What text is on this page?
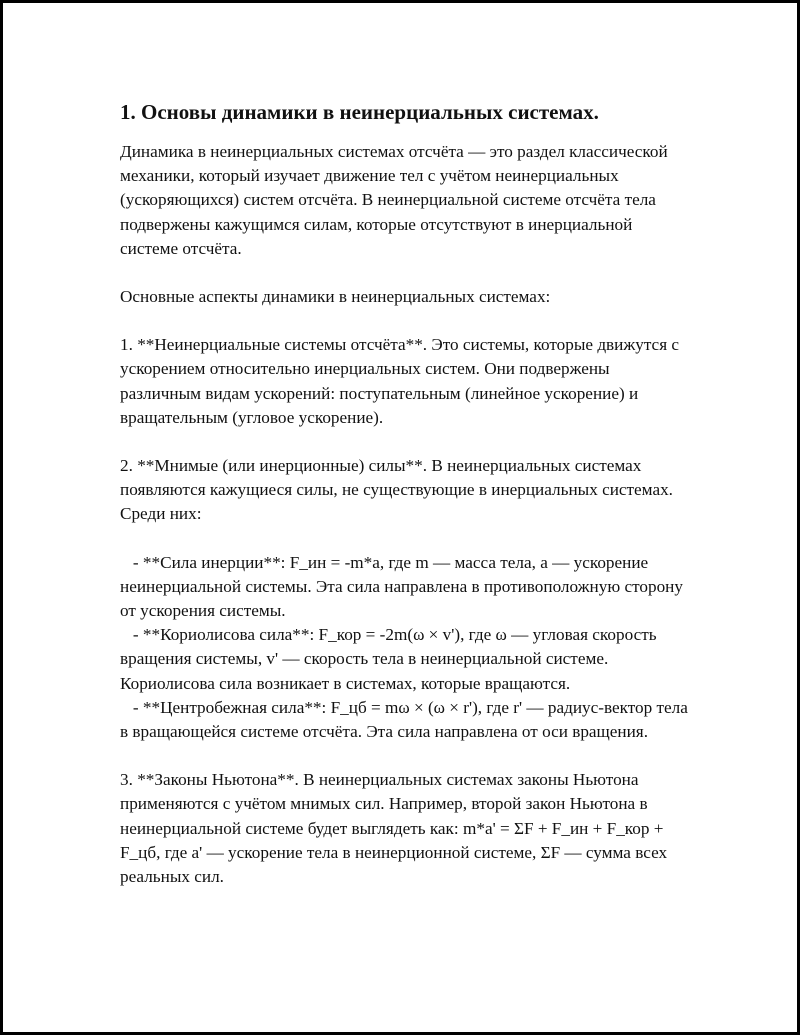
1. Основы динамики в неинерциальных системах.

Динамика в неинерциальных системах отсчёта — это раздел классической механики, который изучает движение тел с учётом неинерциальных (ускоряющихся) систем отсчёта. В неинерциальной системе отсчёта тела подвержены кажущимся силам, которые отсутствуют в инерциальной системе отсчёта.

Основные аспекты динамики в неинерциальных системах:

1. **Неинерциальные системы отсчёта**. Это системы, которые движутся с ускорением относительно инерциальных систем. Они подвержены различным видам ускорений: поступательным (линейное ускорение) и вращательным (угловое ускорение).

2. **Мнимые (или инерционные) силы**. В неинерциальных системах появляются кажущиеся силы, не существующие в инерциальных системах. Среди них:

- **Сила инерции**: F_ин = -m*a, где m — масса тела, a — ускорение неинерциальной системы. Эта сила направлена в противоположную сторону от ускорения системы.
- **Кориолисова сила**: F_кор = -2m(ω × v'), где ω — угловая скорость вращения системы, v' — скорость тела в неинерциальной системе. Кориолисова сила возникает в системах, которые вращаются.
- **Центробежная сила**: F_цб = mω × (ω × r'), где r' — радиус-вектор тела в вращающейся системе отсчёта. Эта сила направлена от оси вращения.

3. **Законы Ньютона**. В неинерциальных системах законы Ньютона применяются с учётом мнимых сил. Например, второй закон Ньютона в неинерциальной системе будет выглядеть как: m*a' = ΣF + F_ин + F_кор + F_цб, где a' — ускорение тела в неинерционной системе, ΣF — сумма всех реальных сил.
